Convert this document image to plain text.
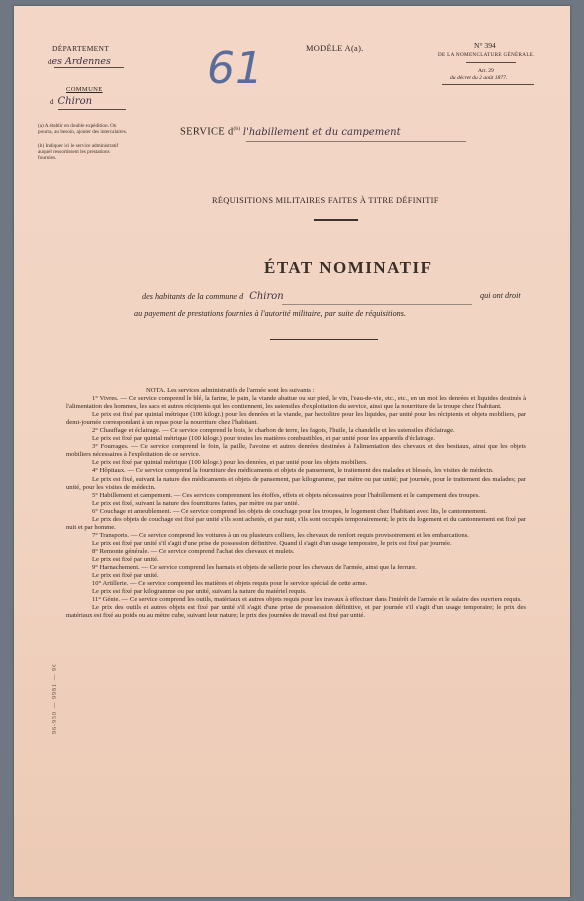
DÉPARTEMENT
des Ardennes
COMMUNE
d Chiron
(a) A établir en double expédition. On pourra, au besoin, ajouter des intercalaires.
(b) Indiquer ici le service administratif auquel ressortissent les prestations fournies.
MODÈLE A(a).	N° 394
DE LA NOMENCLATURE GÉNÉRALE.
Art. 29
du décret du 2 août 1877.
61
SERVICE $d^{(b)}$ l'habillement et du campement
RÉQUISITIONS MILITAIRES FAITES À TITRE DÉFINITIF
ÉTAT NOMINATIF
des habitants de la commune d Chiron	qui ont droit
au payement de prestations fournies à l'autorité militaire, par suite de réquisitions.

NOTA. Les services administratifs de l'armée sont les suivants :

1° Vivres. — Ce service comprend le blé, la farine, le pain, la viande abattue ou sur pied, le vin, l'eau-de-vie, etc., etc., en un mot les denrées et liquides destinés à l'alimentation des hommes, les sacs et autres récipients qui les contiennent, les ustensiles d'exploitation du service, ainsi que la nourriture de la troupe chez l'habitant.

Le prix est fixé par quintal métrique (100 kilogr.) pour les denrées et la viande, par hectolitre pour les liquides, par unité pour les récipients et objets mobiliers, par demi-journée correspondant à un repas pour la nourriture chez l'habitant.

2° Chauffage et éclairage. — Ce service comprend le bois, le charbon de terre, les fagots, l'huile, la chandelle et les ustensiles d'éclairage.

Le prix est fixé par quintal métrique (100 kilogr.) pour toutes les matières combustibles, et par unité pour les appareils d'éclairage.

3° Fourrages. — Ce service comprend le foin, la paille, l'avoine et autres denrées destinées à l'alimentation des chevaux et des bestiaux, ainsi que les objets mobiliers nécessaires à l'exploitation de ce service.

Le prix est fixé par quintal métrique (100 kilogr.) pour les denrées, et par unité pour les objets mobiliers.

4° Hôpitaux. — Ce service comprend la fourniture des médicaments et objets de pansement, le traitement des malades et blessés, les visites de médecin.

Le prix est fixé, suivant la nature des médicaments et objets de pansement, par kilogramme, par mètre ou par unité; par journée, pour le traitement des malades; par unité, pour les visites de médecin.

5° Habillement et campement. — Ces services comprennent les étoffes, effets et objets nécessaires pour l'habillement et le campement des troupes.

Le prix est fixé, suivant la nature des fournitures faites, par mètre ou par unité.

6° Couchage et ameublement. — Ce service comprend les objets de couchage pour les troupes, le logement chez l'habitant avec lits, le cantonnement.

Le prix des objets de couchage est fixé par unité s'ils sont achetés, et par nuit, s'ils sont occupés temporairement; le prix du logement et du cantonnement est fixé par nuit et par homme.

7° Transports. — Ce service comprend les voitures à un ou plusieurs colliers, les chevaux de renfort requis provisoirement et les embarcations.

Le prix est fixé par unité s'il s'agit d'une prise de possession définitive. Quand il s'agit d'un usage temporaire, le prix est fixé par journée.

8° Remonte générale. — Ce service comprend l'achat des chevaux et mulets.

Le prix est fixé par unité.

9° Harnachement. — Ce service comprend les harnais et objets de sellerie pour les chevaux de l'armée, ainsi que la ferrure.

Le prix est fixé par unité.

10° Artillerie. — Ce service comprend les matières et objets requis pour le service spécial de cette arme.

Le prix est fixé par kilogramme ou par unité, suivant la nature du matériel requis.

11° Génie. — Ce service comprend les outils, matériaux et autres objets requis pour les travaux à effectuer dans l'intérêt de l'armée et le salaire des ouvriers requis.

Le prix des outils et autres objets est fixé par unité s'il s'agit d'une prise de possession définitive, et par journée s'il s'agit d'un usage temporaire; le prix des matériaux est fixé au poids ou au mètre cube, suivant leur nature; le prix des journées de travail est fixé par unité.

96-950 — 9981 — 9¢
